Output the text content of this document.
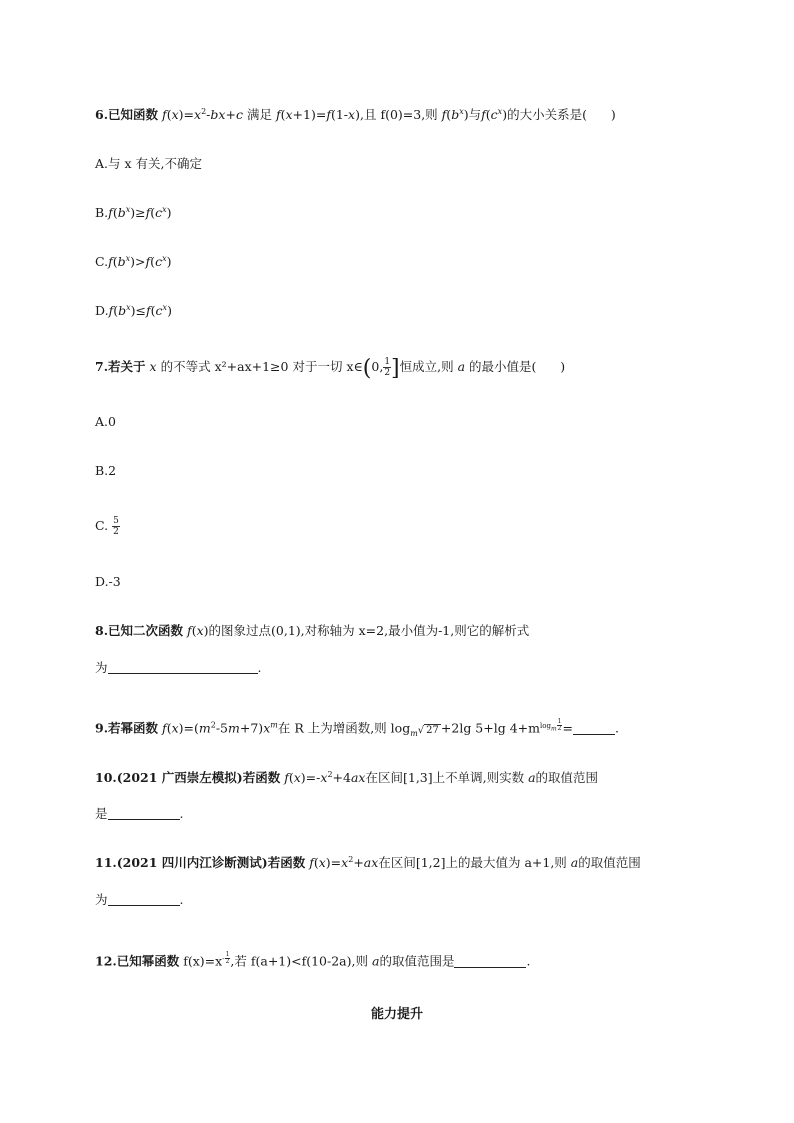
6.已知函数 $f(x)=x^2-bx+c$ 满足 f(x+1)=f(1-x),且 f(0)=3,则 $f(b^x)$与$f(c^x)$的大小关系是( )
A.与 x 有关,不确定
$B.f(b^x)\ge f(c^x)$
$C.f(b^x)>f(c^x)$
$D.f(b^x)\le f(c^x)$
7.若关于 x 的不等式 x²+ax+1≥0 对于一切 x∈(0, $\frac{1}{2}$ ]恒成立,则 a 的最小值是( )
A.0
B.2
C. $\frac{5}{2}$
D.-3
8.已知二次函数 f(x)的图象过点(0,1),对称轴为 x=2,最小值为-1,则它的解析式
为	.
9.若幂函数 $f(x)=(m^2-5m+7)x^m$在 R 上为增函数,则 $\log_m√$ 27 +2lg 5+lg $4+m^{log_m \frac{1}{2}}$ =	.
10.(2021 广西崇左模拟)若函数 $f(x)=-x^2+4ax$在区间[1,3]上不单调,则实数 a的取值范围
是	.
11.(2021 四川内江诊断测试)若函数 $f(x)=x^2+ax$在区间[1,2]上的最大值为 a+1,则 a的取值范围
为	.
12.已知幂函数 $f(x)=x^{- \frac{1}{2}}$ ,若 f(a+1)<f(10-2a),则 a的取值范围是	.
能力提升
